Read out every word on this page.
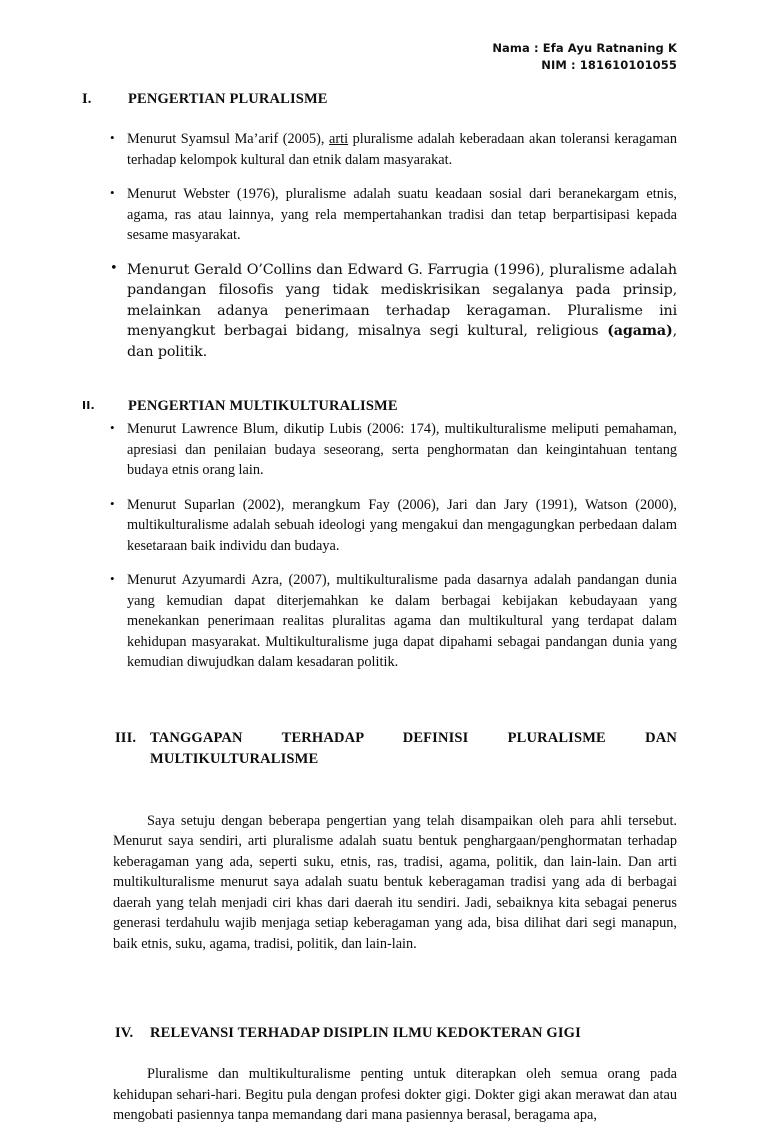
Nama : Efa Ayu Ratnaning K
NIM : 181610101055
I.	PENGERTIAN PLURALISME
• Menurut Syamsul Ma’arif (2005), arti pluralisme adalah keberadaan akan toleransi keragaman terhadap kelompok kultural dan etnik dalam masyarakat.
• Menurut Webster (1976), pluralisme adalah suatu keadaan sosial dari beranekargam etnis, agama, ras atau lainnya, yang rela mempertahankan tradisi dan tetap berpartisipasi kepada sesame masyarakat.
• Menurut Gerald O’Collins dan Edward G. Farrugia (1996), pluralisme adalah pandangan filosofis yang tidak mediskrisikan segalanya pada prinsip, melainkan adanya penerimaan terhadap keragaman. Pluralisme ini menyangkut berbagai bidang, misalnya segi kultural, religious (agama), dan politik.
II.	PENGERTIAN MULTIKULTURALISME
• Menurut Lawrence Blum, dikutip Lubis (2006: 174), multikulturalisme meliputi pemahaman, apresiasi dan penilaian budaya seseorang, serta penghormatan dan keingintahuan tentang budaya etnis orang lain.
• Menurut Suparlan (2002), merangkum Fay (2006), Jari dan Jary (1991), Watson (2000), multikulturalisme adalah sebuah ideologi yang mengakui dan mengagungkan perbedaan dalam kesetaraan baik individu dan budaya.
• Menurut Azyumardi Azra, (2007), multikulturalisme pada dasarnya adalah pandangan dunia yang kemudian dapat diterjemahkan ke dalam berbagai kebijakan kebudayaan yang menekankan penerimaan realitas pluralitas agama dan multikultural yang terdapat dalam kehidupan masyarakat. Multikulturalisme juga dapat dipahami sebagai pandangan dunia yang kemudian diwujudkan dalam kesadaran politik.
III. TANGGAPAN TERHADAP DEFINISI PLURALISME DAN MULTIKULTURALISME

Saya setuju dengan beberapa pengertian yang telah disampaikan oleh para ahli tersebut. Menurut saya sendiri, arti pluralisme adalah suatu bentuk penghargaan/penghormatan terhadap keberagaman yang ada, seperti suku, etnis, ras, tradisi, agama, politik, dan lain-lain. Dan arti multikulturalisme menurut saya adalah suatu bentuk keberagaman tradisi yang ada di berbagai daerah yang telah menjadi ciri khas dari daerah itu sendiri. Jadi, sebaiknya kita sebagai penerus generasi terdahulu wajib menjaga setiap keberagaman yang ada, bisa dilihat dari segi manapun, baik etnis, suku, agama, tradisi, politik, dan lain-lain.

IV.	RELEVANSI TERHADAP DISIPLIN ILMU KEDOKTERAN GIGI

Pluralisme dan multikulturalisme penting untuk diterapkan oleh semua orang pada kehidupan sehari-hari. Begitu pula dengan profesi dokter gigi. Dokter gigi akan merawat dan atau mengobati pasiennya tanpa memandang dari mana pasiennya berasal, beragama apa,
